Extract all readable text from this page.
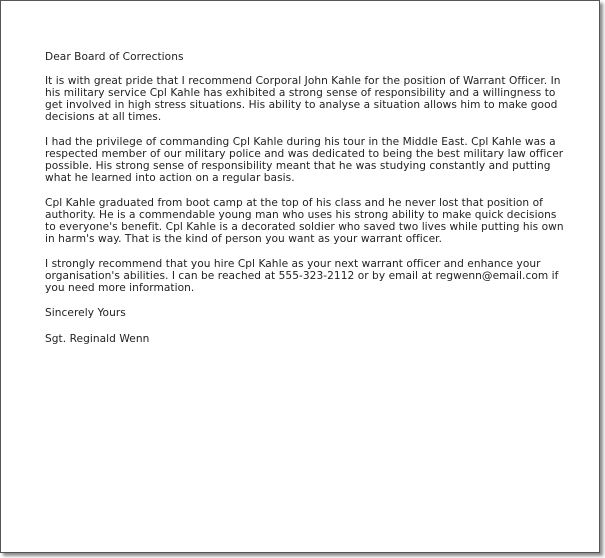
Dear Board of Corrections

It is with great pride that I recommend Corporal John Kahle for the position of Warrant Officer. In his military service Cpl Kahle has exhibited a strong sense of responsibility and a willingness to get involved in high stress situations. His ability to analyse a situation allows him to make good decisions at all times.

I had the privilege of commanding Cpl Kahle during his tour in the Middle East. Cpl Kahle was a respected member of our military police and was dedicated to being the best military law officer possible. His strong sense of responsibility meant that he was studying constantly and putting what he learned into action on a regular basis.

Cpl Kahle graduated from boot camp at the top of his class and he never lost that position of authority. He is a commendable young man who uses his strong ability to make quick decisions to everyone's benefit. Cpl Kahle is a decorated soldier who saved two lives while putting his own in harm's way. That is the kind of person you want as your warrant officer.

I strongly recommend that you hire Cpl Kahle as your next warrant officer and enhance your organisation's abilities. I can be reached at 555-323-2112 or by email at regwenn@email.com if you need more information.

Sincerely Yours

Sgt. Reginald Wenn
